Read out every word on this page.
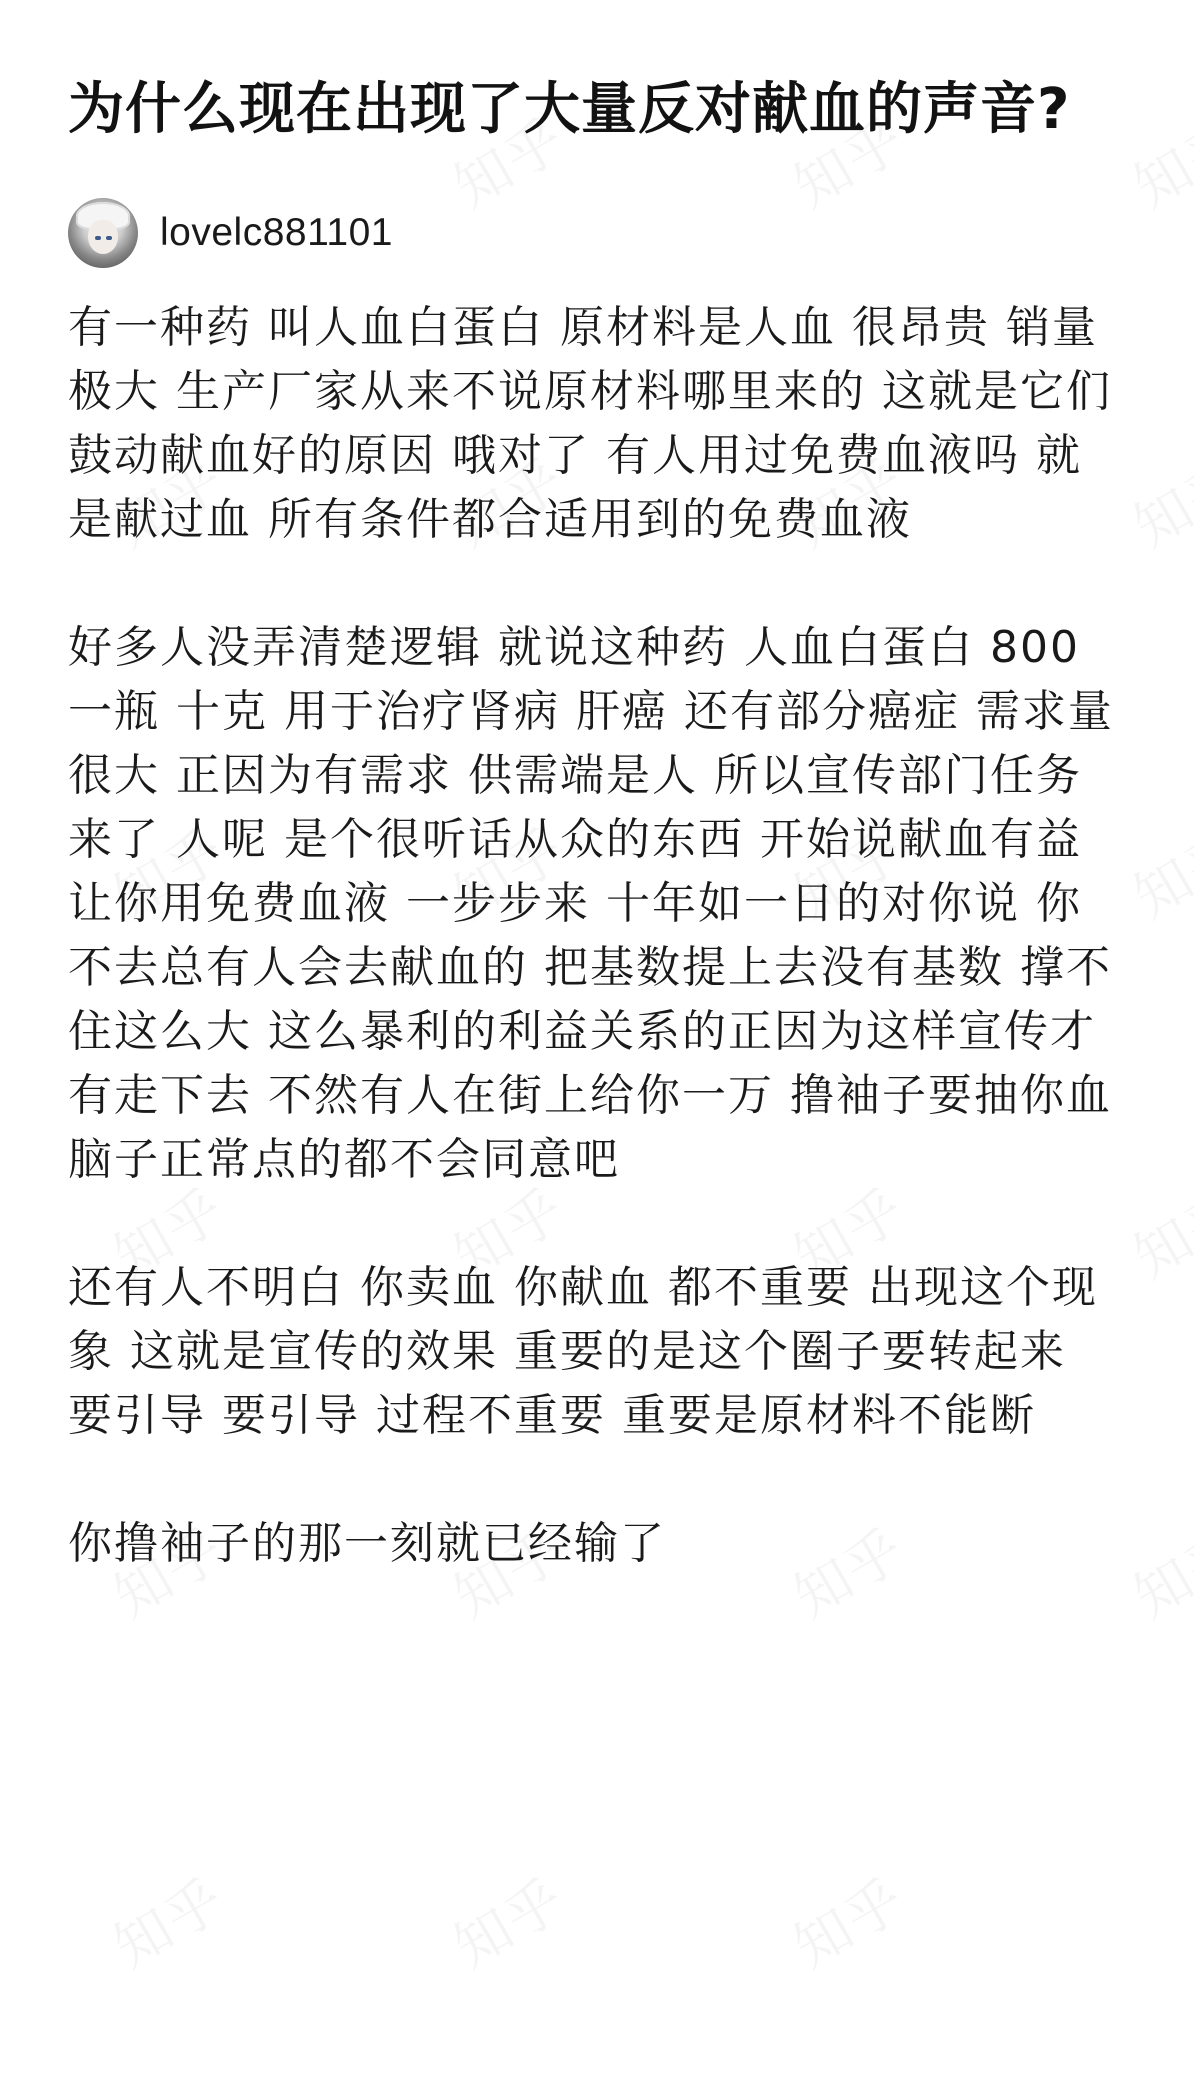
为什么现在出现了大量反对献血的声音?
lovelc881101

有一种药 叫人血白蛋白 原材料是人血 很昂贵 销量极大 生产厂家从来不说原材料哪里来的 这就是它们鼓动献血好的原因 哦对了 有人用过免费血液吗 就是献过血 所有条件都合适用到的免费血液

好多人没弄清楚逻辑 就说这种药 人血白蛋白 800一瓶 十克 用于治疗肾病 肝癌 还有部分癌症 需求量很大 正因为有需求 供需端是人 所以宣传部门任务来了 人呢 是个很听话从众的东西 开始说献血有益 让你用免费血液 一步步来 十年如一日的对你说 你不去总有人会去献血的 把基数提上去没有基数 撑不住这么大 这么暴利的利益关系的正因为这样宣传才有走下去 不然有人在街上给你一万 撸袖子要抽你血 脑子正常点的都不会同意吧

还有人不明白 你卖血 你献血 都不重要 出现这个现象 这就是宣传的效果 重要的是这个圈子要转起来 要引导 要引导 过程不重要 重要是原材料不能断

你撸袖子的那一刻就已经输了
